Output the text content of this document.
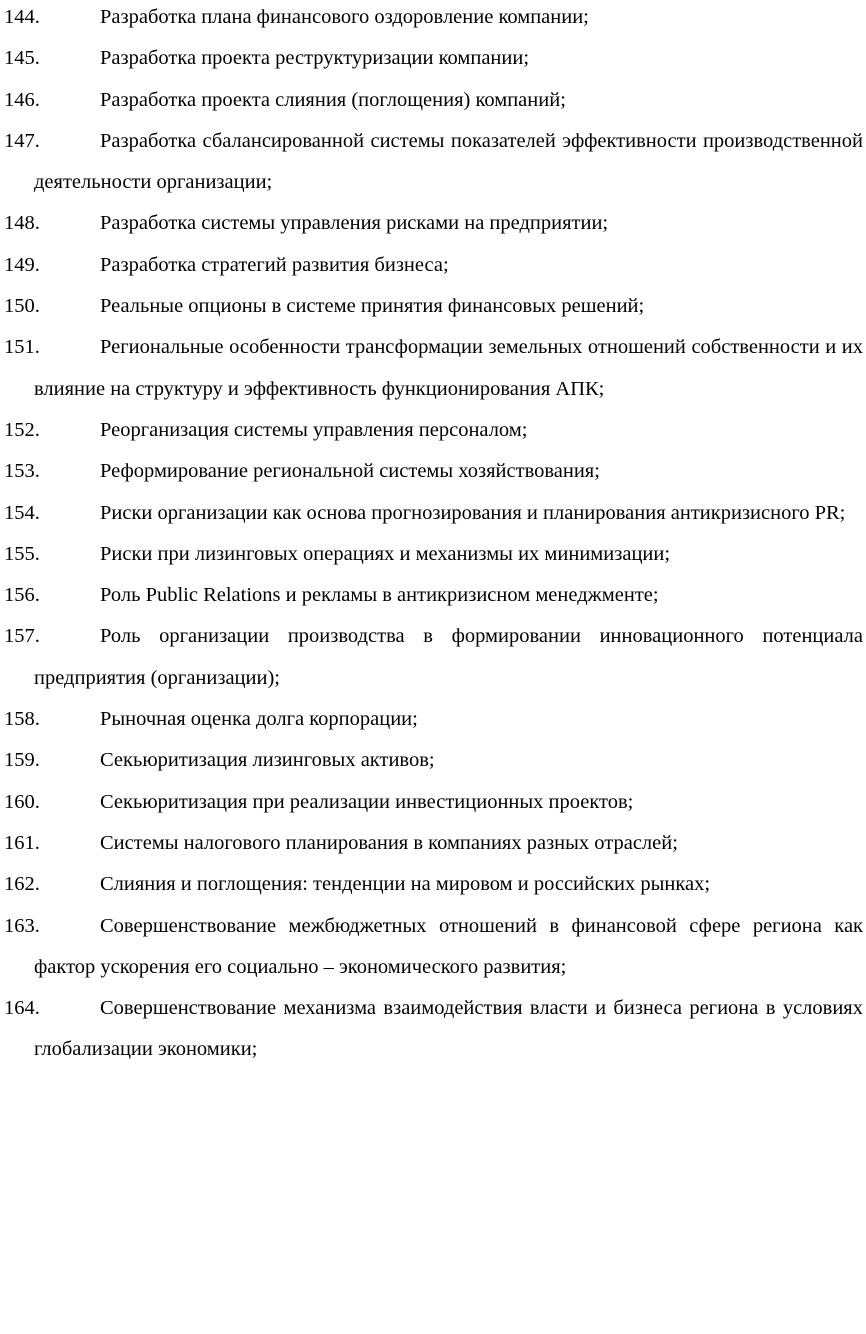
144.	Разработка плана финансового оздоровление компании;

145.	Разработка проекта реструктуризации компании;

146.	Разработка проекта слияния (поглощения) компаний;

147.	Разработка сбалансированной системы показателей эффективности производственной деятельности организации;

148.	Разработка системы управления рисками на предприятии;

149.	Разработка стратегий развития бизнеса;

150.	Реальные опционы в системе принятия финансовых решений;

151.	Региональные особенности трансформации земельных отношений собственности и их влияние на структуру и эффективность функционирования АПК;

152.	Реорганизация системы управления персоналом;

153.	Реформирование региональной системы хозяйствования;

154.	Риски организации как основа прогнозирования и планирования антикризисного PR;

155.	Риски при лизинговых операциях и механизмы их минимизации;

156.	Роль Public Relations и рекламы в антикризисном менеджменте;

157.	Роль организации производства в формировании инновационного потенциала предприятия (организации);

158.	Рыночная оценка долга корпорации;

159.	Секьюритизация лизинговых активов;

160.	Секьюритизация при реализации инвестиционных проектов;

161.	Системы налогового планирования в компаниях разных отраслей;

162.	Слияния и поглощения: тенденции на мировом и российских рынках;

163.	Совершенствование межбюджетных отношений в финансовой сфере региона как фактор ускорения его социально – экономического развития;

164.	Совершенствование механизма взаимодействия власти и бизнеса региона в условиях глобализации экономики;
